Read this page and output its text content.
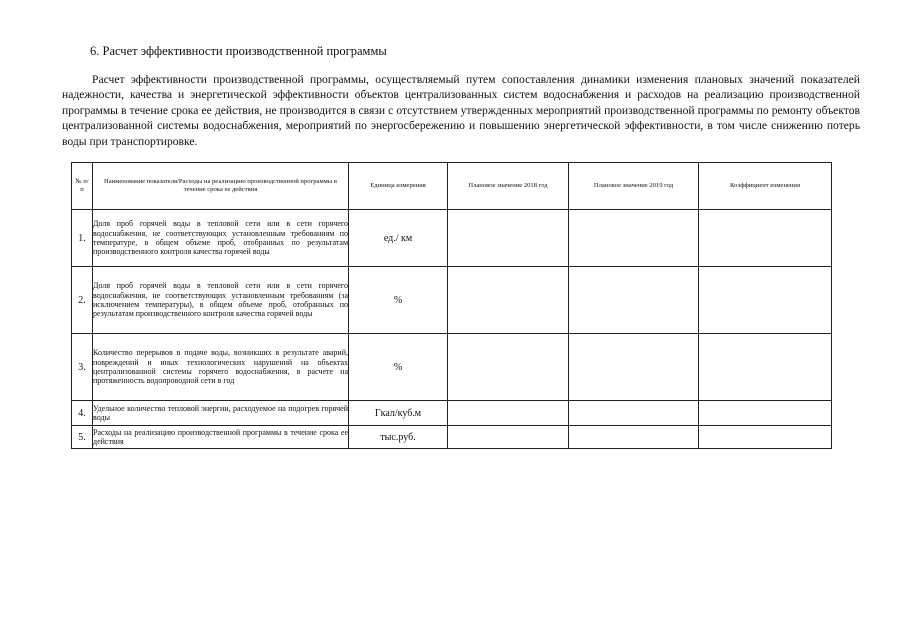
6. Расчет эффективности производственной программы

Расчет эффективности производственной программы, осуществляемый путем сопоставления динамики изменения плановых значений показателей надежности, качества и энергетической эффективности объектов централизованных систем водоснабжения и расходов на реализацию производственной программы в течение срока ее действия, не производится в связи с отсутствием утвержденных мероприятий производственной программы по ремонту объектов централизованной системы водоснабжения, мероприятий по энергосбережению и повышению энергетической эффективности, в том числе снижению потерь воды при транспортировке.

№ п/п	Наименование показателя/Расходы на реализацию производственной программы в течение срока ее действия	Единица измерения	Плановое значение 2018 год	Плановое значение 2019 год	Коэффициент изменения
1.	Доля проб горячей воды в тепловой сети или в сети горячего водоснабжения, не соответствующих установленным требованиям по температуре, в общем объеме проб, отобранных по результатам производственного контроля качества горячей воды	ед./ км			
2.	Доля проб горячей воды в тепловой сети или в сети горячего водоснабжения, не соответствующих установленным требованиям (за исключением температуры), в общем объеме проб, отобранных по результатам производственного контроля качества горячей воды	%			
3.	Количество перерывов в подаче воды, возникших в результате аварий, повреждений и иных технологических нарушений на объектах централизованной системы горячего водоснабжения, в расчете на протяженность водопроводной сети в год	%			
4.	Удельное количество тепловой энергии, расходуемое на подогрев горячей воды	Гкал/куб.м			
5.	Расходы на реализацию производственной программы в течение срока ее действия	тыс.руб.			
